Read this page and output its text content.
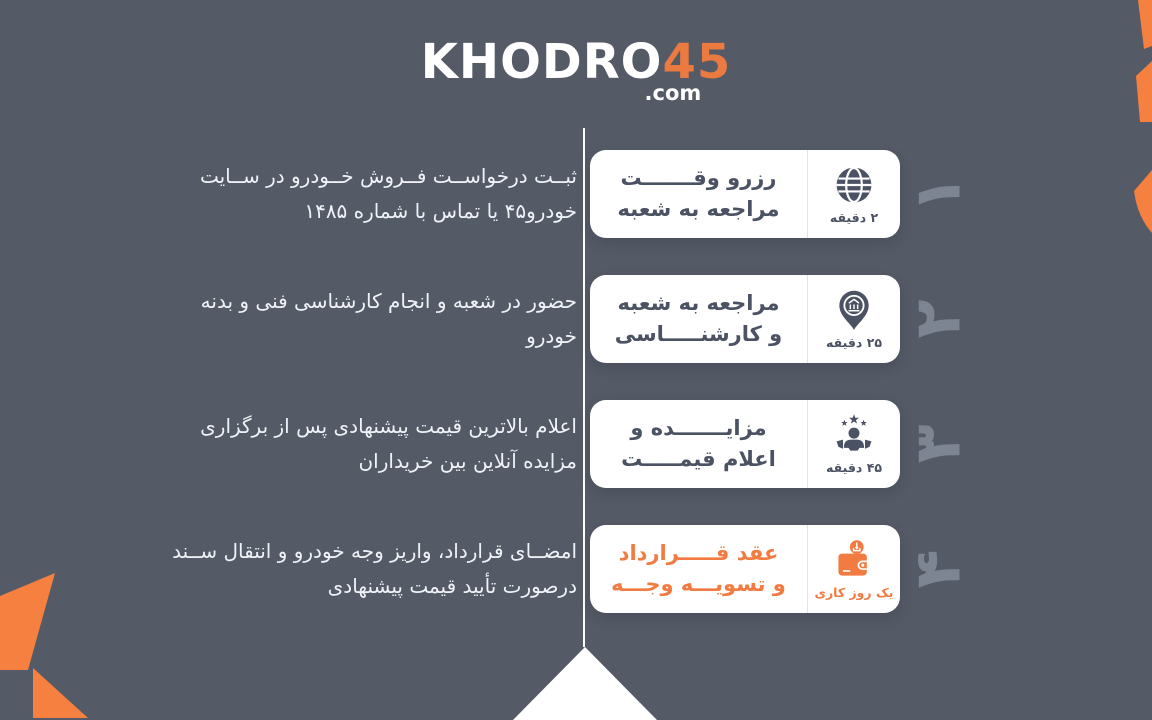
KHODRO45
.com
ثبــت درخواســت فــروش خــودرو در ســایت
خودرو۴۵ یا تماس با شماره ۱۴۸۵
رزرو وقـــــــت
مراجعه به شعبه	۲ دقیقه
۱
حضور در شعبه و انجام کارشناسی فنی و بدنه
خودرو
مراجعه به شعبه
و کارشنـــــاسی	۲۵ دقیقه
۲
اعلام بالاترین قیمت پیشنهادی پس از برگزاری
مزایده آنلاین بین خریداران
مزایـــــــده و
اعلام قیمـــــت	۴۵ دقیقه
۳
امضــای قرارداد، واریز وجه خودرو و انتقال ســند
درصورت تأیید قیمت پیشنهادی
عقد قـــــرارداد
و تسویـــه وجـــه یک روز کاری
۴
